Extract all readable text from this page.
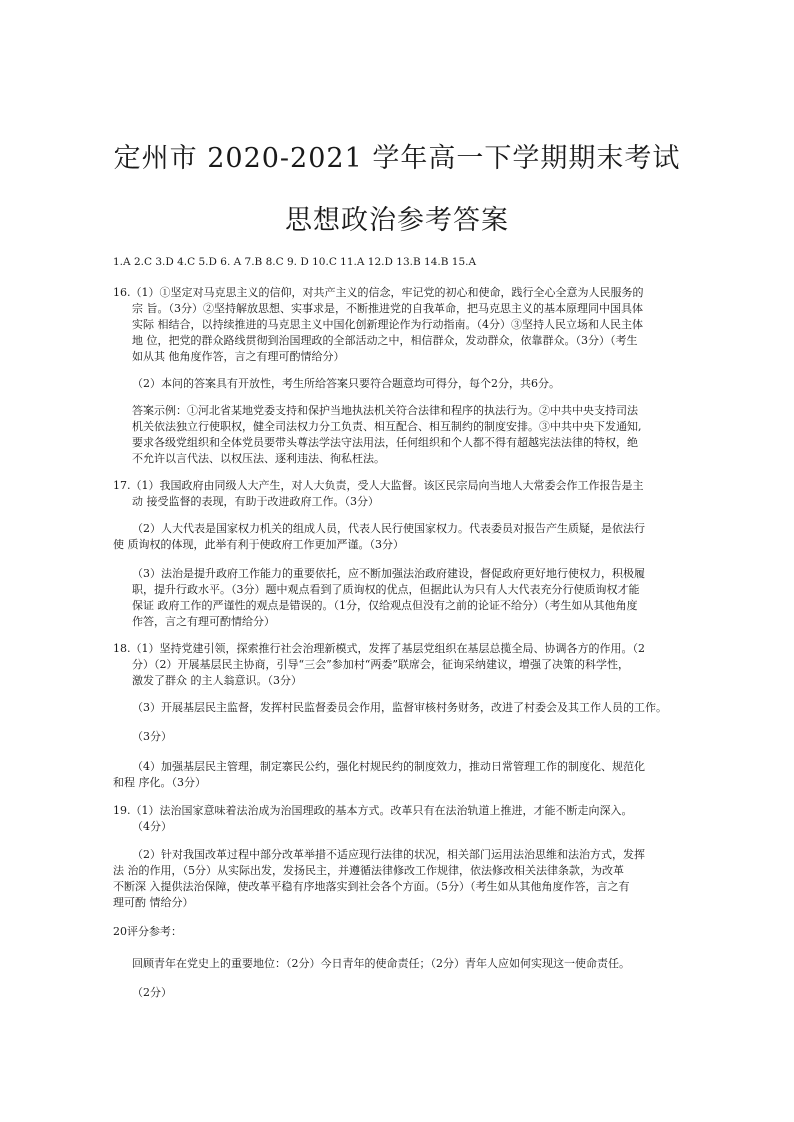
定州市 2020-2021 学年高一下学期期末考试
思想政治参考答案
1.A 2.C 3.D 4.C 5.D 6. A 7.B 8.C 9. D 10.C 11.A 12.D 13.B 14.B 15.A
16.（1）①坚定对马克思主义的信仰，对共产主义的信念，牢记党的初心和使命，践行全心全意为人民服务的
宗 旨。（3分）②坚持解放思想、实事求是，不断推进党的自我革命，把马克思主义的基本原理同中国具体
实际 相结合，以持续推进的马克思主义中国化创新理论作为行动指南。（4分）③坚持人民立场和人民主体
地 位，把党的群众路线贯彻到治国理政的全部活动之中，相信群众，发动群众，依靠群众。（3分）（考生
如从其 他角度作答，言之有理可酌情给分）
（2）本问的答案具有开放性，考生所给答案只要符合题意均可得分，每个2分，共6分。
答案示例：①河北省某地党委支持和保护当地执法机关符合法律和程序的执法行为。②中共中央支持司法
机关依法独立行使职权，健全司法权力分工负责、相互配合、相互制约的制度安排。③中共中央下发通知,
要求各级党组织和全体党员要带头尊法学法守法用法，任何组织和个人都不得有超越宪法法律的特权，绝
不允许以言代法、以权压法、逐利违法、徇私枉法。
17.（1）我国政府由同级人大产生，对人大负责，受人大监督。该区民宗局向当地人大常委会作工作报告是主
动 接受监督的表现，有助于改进政府工作。（3分）
（2）人大代表是国家权力机关的组成人员，代表人民行使国家权力。代表委员对报告产生质疑，是依法行
使 质询权的体现，此举有利于使政府工作更加严谨。（3分）
（3）法治是提升政府工作能力的重要依托，应不断加强法治政府建设，督促政府更好地行使权力，积极履
职，提升行政水平。（3分）题中观点看到了质询权的优点，但据此认为只有人大代表充分行使质询权才能
保证 政府工作的严谨性的观点是错误的。（1分，仅给观点但没有之前的论证不给分）（考生如从其他角度
作答，言之有理可酌情给分）
18.（1）坚持党建引领，探索推行社会治理新模式，发挥了基层党组织在基层总揽全局、协调各方的作用。（2
分）（2）开展基层民主协商，引导“三会”参加村“两委”联席会，征询采纳建议，增强了决策的科学性，
激发了群众 的主人翁意识。（3分）
（3）开展基层民主监督，发挥村民监督委员会作用，监督审核村务财务，改进了村委会及其工作人员的工作。
（3分）
（4）加强基层民主管理，制定寨民公约，强化村规民约的制度效力，推动日常管理工作的制度化、规范化
和程 序化。（3分）
19.（1）法治国家意味着法治成为治国理政的基本方式。改革只有在法治轨道上推进，才能不断走向深入。
（4分）
（2）针对我国改革过程中部分改革举措不适应现行法律的状况，相关部门运用法治思维和法治方式，发挥
法 治的作用，（5分）从实际出发，发扬民主，并遵循法律修改工作规律，依法修改相关法律条款，为改革
不断深 入提供法治保障，使改革平稳有序地落实到社会各个方面。（5分）（考生如从其他角度作答，言之有
理可酌 情给分）
20评分参考：
回顾青年在党史上的重要地位：（2分）今日青年的使命责任；（2分）青年人应如何实现这一使命责任。
（2分）
